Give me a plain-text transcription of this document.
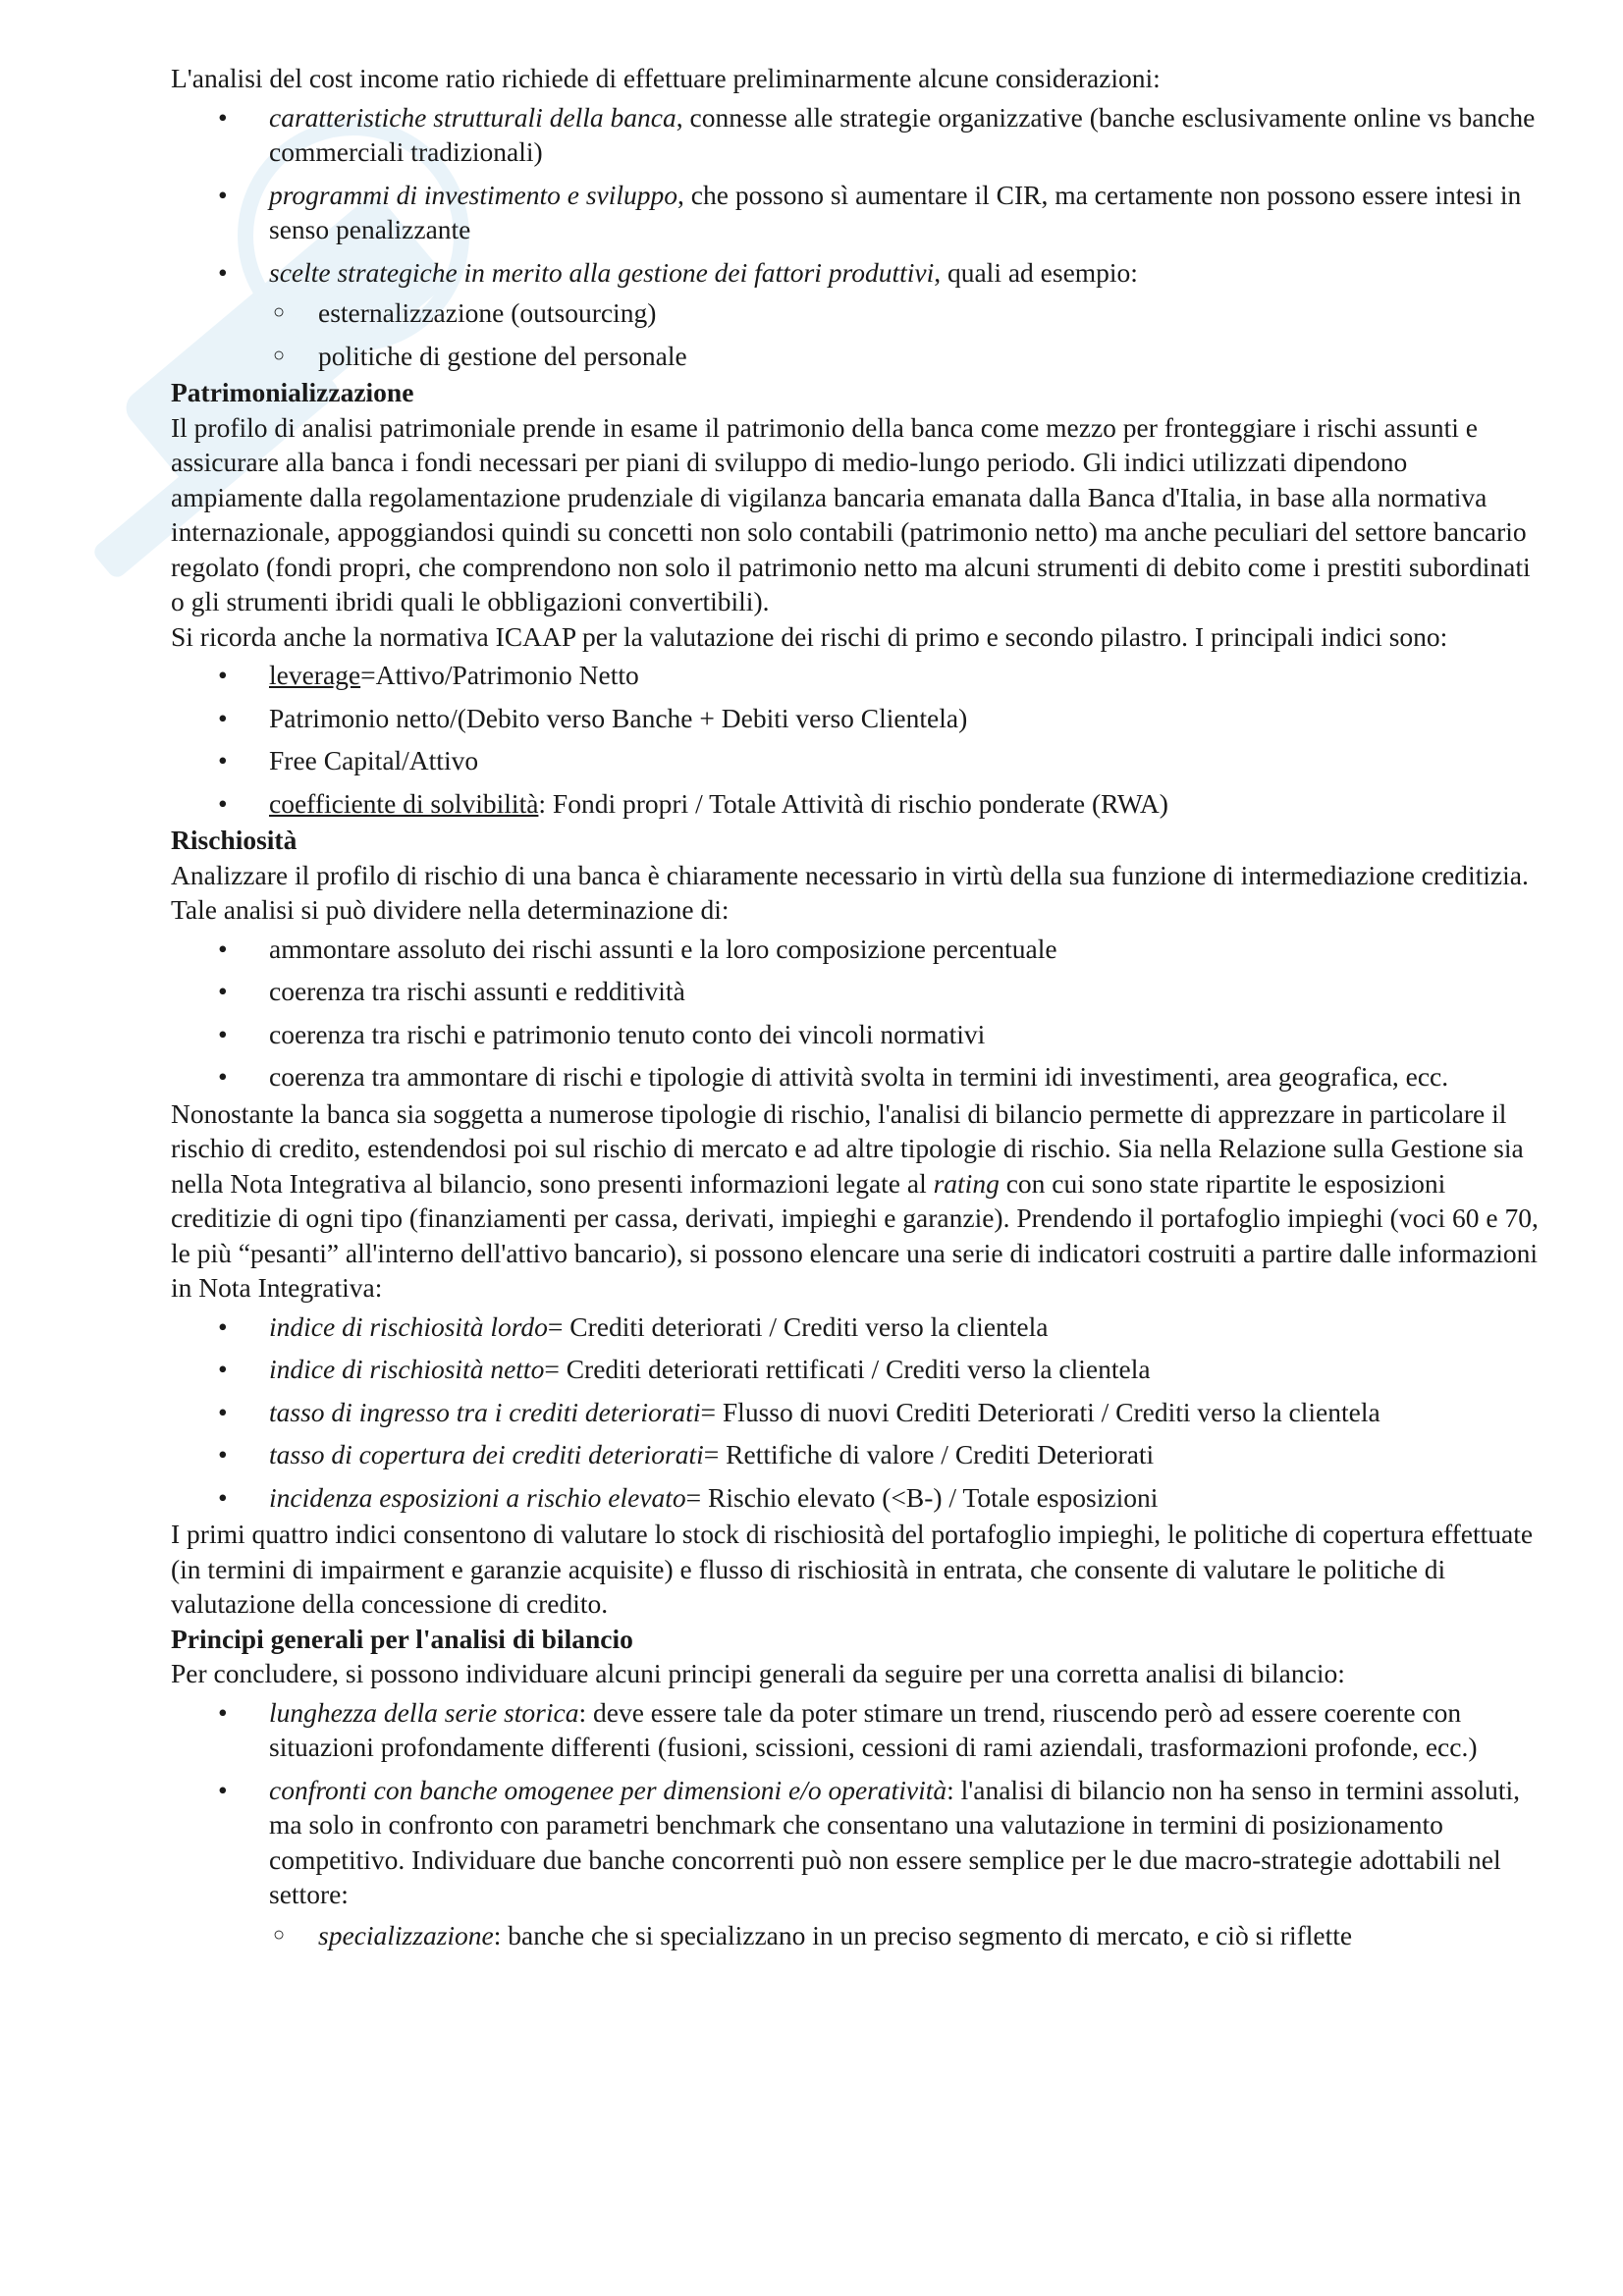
L'analisi del cost income ratio richiede di effettuare preliminarmente alcune considerazioni:

• caratteristiche strutturali della banca, connesse alle strategie organizzative (banche esclusivamente online vs banche commerciali tradizionali)
• programmi di investimento e sviluppo, che possono sì aumentare il CIR, ma certamente non possono essere intesi in senso penalizzante
• scelte strategiche in merito alla gestione dei fattori produttivi, quali ad esempio:
○ esternalizzazione (outsourcing)
○ politiche di gestione del personale
Patrimonializzazione

Il profilo di analisi patrimoniale prende in esame il patrimonio della banca come mezzo per fronteggiare i rischi assunti e assicurare alla banca i fondi necessari per piani di sviluppo di medio-lungo periodo. Gli indici utilizzati dipendono ampiamente dalla regolamentazione prudenziale di vigilanza bancaria emanata dalla Banca d'Italia, in base alla normativa internazionale, appoggiandosi quindi su concetti non solo contabili (patrimonio netto) ma anche peculiari del settore bancario regolato (fondi propri, che comprendono non solo il patrimonio netto ma alcuni strumenti di debito come i prestiti subordinati o gli strumenti ibridi quali le obbligazioni convertibili).

Si ricorda anche la normativa ICAAP per la valutazione dei rischi di primo e secondo pilastro. I principali indici sono:

• leverage=Attivo/Patrimonio Netto
• Patrimonio netto/(Debito verso Banche + Debiti verso Clientela)
• Free Capital/Attivo
• coefficiente di solvibilità: Fondi propri / Totale Attività di rischio ponderate (RWA)
Rischiosità

Analizzare il profilo di rischio di una banca è chiaramente necessario in virtù della sua funzione di intermediazione creditizia. Tale analisi si può dividere nella determinazione di:

• ammontare assoluto dei rischi assunti e la loro composizione percentuale
• coerenza tra rischi assunti e redditività
• coerenza tra rischi e patrimonio tenuto conto dei vincoli normativi
• coerenza tra ammontare di rischi e tipologie di attività svolta in termini idi investimenti, area geografica, ecc.

Nonostante la banca sia soggetta a numerose tipologie di rischio, l'analisi di bilancio permette di apprezzare in particolare il rischio di credito, estendendosi poi sul rischio di mercato e ad altre tipologie di rischio. Sia nella Relazione sulla Gestione sia nella Nota Integrativa al bilancio, sono presenti informazioni legate al rating con cui sono state ripartite le esposizioni creditizie di ogni tipo (finanziamenti per cassa, derivati, impieghi e garanzie). Prendendo il portafoglio impieghi (voci 60 e 70, le più “pesanti” all'interno dell'attivo bancario), si possono elencare una serie di indicatori costruiti a partire dalle informazioni in Nota Integrativa:

• indice di rischiosità lordo= Crediti deteriorati / Crediti verso la clientela
• indice di rischiosità netto= Crediti deteriorati rettificati / Crediti verso la clientela
• tasso di ingresso tra i crediti deteriorati= Flusso di nuovi Crediti Deteriorati / Crediti verso la clientela
• tasso di copertura dei crediti deteriorati= Rettifiche di valore / Crediti Deteriorati
• incidenza esposizioni a rischio elevato= Rischio elevato (<B-) / Totale esposizioni

I primi quattro indici consentono di valutare lo stock di rischiosità del portafoglio impieghi, le politiche di copertura effettuate (in termini di impairment e garanzie acquisite) e flusso di rischiosità in entrata, che consente di valutare le politiche di valutazione della concessione di credito.

Principi generali per l'analisi di bilancio

Per concludere, si possono individuare alcuni principi generali da seguire per una corretta analisi di bilancio:

• lunghezza della serie storica: deve essere tale da poter stimare un trend, riuscendo però ad essere coerente con situazioni profondamente differenti (fusioni, scissioni, cessioni di rami aziendali, trasformazioni profonde, ecc.)
• confronti con banche omogenee per dimensioni e/o operatività: l'analisi di bilancio non ha senso in termini assoluti, ma solo in confronto con parametri benchmark che consentano una valutazione in termini di posizionamento competitivo. Individuare due banche concorrenti può non essere semplice per le due macro-strategie adottabili nel settore:
○ specializzazione: banche che si specializzano in un preciso segmento di mercato, e ciò si riflette
